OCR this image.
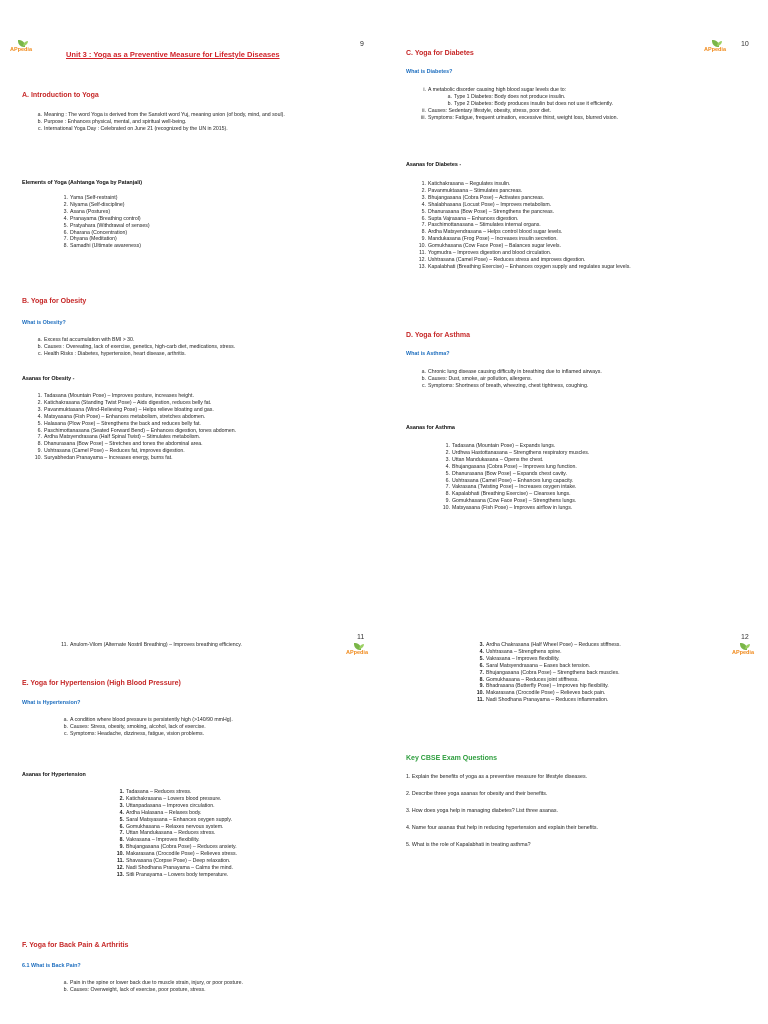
APpedia
9
Unit 3 : Yoga as a Preventive Measure for Lifestyle Diseases
A. Introduction to Yoga
a. Meaning : The word Yoga is derived from the Sanskrit word Yuj, meaning union (of body, mind, and soul).
b. Purpose : Enhances physical, mental, and spiritual well-being.
c. International Yoga Day : Celebrated on June 21 (recognized by the UN in 2015).
Elements of Yoga (Ashtanga Yoga by Patanjali)
1. Yama (Self-restraint)
2. Niyama (Self-discipline)
3. Asana (Postures)
4. Pranayama (Breathing control)
5. Pratyahara (Withdrawal of senses)
6. Dharana (Concentration)
7. Dhyana (Meditation)
8. Samadhi (Ultimate awareness)
B. Yoga for Obesity
What is Obesity?
a. Excess fat accumulation with BMI > 30.
b. Causes : Overeating, lack of exercise, genetics, high-carb diet, medications, stress.
c. Health Risks : Diabetes, hypertension, heart disease, arthritis.
Asanas for Obesity -
1. Tadasana (Mountain Pose) – Improves posture, increases height.
2. Katichakrasana (Standing Twist Pose) – Aids digestion, reduces belly fat.
3. Pavanmuktasana (Wind-Relieving Pose) – Helps relieve bloating and gas.
4. Matsyasana (Fish Pose) – Enhances metabolism, stretches abdomen.
5. Halasana (Plow Pose) – Strengthens the back and reduces belly fat.
6. Paschimottanasana (Seated Forward Bend) – Enhances digestion, tones abdomen.
7. Ardha Matsyendrasana (Half Spinal Twist) – Stimulates metabolism.
8. Dhanurasana (Bow Pose) – Stretches and tones the abdominal area.
9. Ushtrasana (Camel Pose) – Reduces fat, improves digestion.
10. Suryabhedan Pranayama – Increases energy, burns fat.
APpedia
10
C. Yoga for Diabetes
What is Diabetes?
i. A metabolic disorder causing high blood sugar levels due to:
a. Type 1 Diabetes: Body does not produce insulin.
b. Type 2 Diabetes: Body produces insulin but does not use it efficiently.
ii. Causes: Sedentary lifestyle, obesity, stress, poor diet.
iii. Symptoms: Fatigue, frequent urination, excessive thirst, weight loss, blurred vision.
Asanas for Diabetes -
1. Katichakrasana – Regulates insulin.
2. Pavanmuktasana – Stimulates pancreas.
3. Bhujangasana (Cobra Pose) – Activates pancreas.
4. Shalabhasana (Locust Pose) – Improves metabolism.
5. Dhanurasana (Bow Pose) – Strengthens the pancreas.
6. Supta Vajrasana – Enhances digestion.
7. Paschimottanasana – Stimulates internal organs.
8. Ardha Matsyendrasana – Helps control blood sugar levels.
9. Mandukasana (Frog Pose) – Increases insulin secretion.
10. Gomukhasana (Cow Face Pose) – Balances sugar levels.
11. Yogmudra – Improves digestion and blood circulation.
12. Ushtrasana (Camel Pose) – Reduces stress and improves digestion.
13. Kapalabhati (Breathing Exercise) – Enhances oxygen supply and regulates sugar levels.
D. Yoga for Asthma
What is Asthma?
a. Chronic lung disease causing difficulty in breathing due to inflamed airways.
b. Causes: Dust, smoke, air pollution, allergens.
c. Symptoms: Shortness of breath, wheezing, chest tightness, coughing.
Asanas for Asthma
1. Tadasana (Mountain Pose) – Expands lungs.
2. Urdhwa Hastottanasana – Strengthens respiratory muscles.
3. Uttan Mandukasana – Opens the chest.
4. Bhujangasana (Cobra Pose) – Improves lung function.
5. Dhanurasana (Bow Pose) – Expands chest cavity.
6. Ushtrasana (Camel Pose) – Enhances lung capacity.
7. Vakrasana (Twisting Pose) – Increases oxygen intake.
8. Kapalabhati (Breathing Exercise) – Cleanses lungs.
9. Gomukhasana (Cow Face Pose) – Strengthens lungs.
10. Matsyasana (Fish Pose) – Improves airflow in lungs.
11
APpedia
11. Anulom-Vilom (Alternate Nostril Breathing) – Improves breathing efficiency.
E. Yoga for Hypertension (High Blood Pressure)
What is Hypertension?
a. A condition where blood pressure is persistently high (>140/90 mmHg).
b. Causes: Stress, obesity, smoking, alcohol, lack of exercise.
c. Symptoms: Headache, dizziness, fatigue, vision problems.
Asanas for Hypertension
1. Tadasana – Reduces stress.
2. Katichakrasana – Lowers blood pressure.
3. Uttanpadasana – Improves circulation.
4. Ardha Halasana – Relaxes body.
5. Saral Matsyasana – Enhances oxygen supply.
6. Gomukhasana – Relaxes nervous system.
7. Uttan Mandukasana – Reduces stress.
8. Vakrasana – Improves flexibility.
9. Bhujangasana (Cobra Pose) – Reduces anxiety.
10. Makarasana (Crocodile Pose) – Relieves stress.
11. Shavasana (Corpse Pose) – Deep relaxation.
12. Nadi Shodhana Pranayama – Calms the mind.
13. Sitli Pranayama – Lowers body temperature.
F. Yoga for Back Pain & Arthritis
6.1 What is Back Pain?
a. Pain in the spine or lower back due to muscle strain, injury, or poor posture.
b. Causes: Overweight, lack of exercise, poor posture, stress.
12
APpedia
3. Ardha Chakrasana (Half Wheel Pose) – Reduces stiffness.
4. Ushtrasana – Strengthens spine.
5. Vakrasana – Improves flexibility.
6. Saral Matsyendrasana – Eases back tension.
7. Bhujangasana (Cobra Pose) – Strengthens back muscles.
8. Gomukhasana – Reduces joint stiffness.
9. Bhadrasana (Butterfly Pose) – Improves hip flexibility.
10. Makarasana (Crocodile Pose) – Relieves back pain.
11. Nadi Shodhana Pranayama – Reduces inflammation.
Key CBSE Exam Questions
1. Explain the benefits of yoga as a preventive measure for lifestyle diseases.
2. Describe three yoga asanas for obesity and their benefits.
3. How does yoga help in managing diabetes? List three asanas.
4. Name four asanas that help in reducing hypertension and explain their benefits.
5. What is the role of Kapalabhati in treating asthma?
